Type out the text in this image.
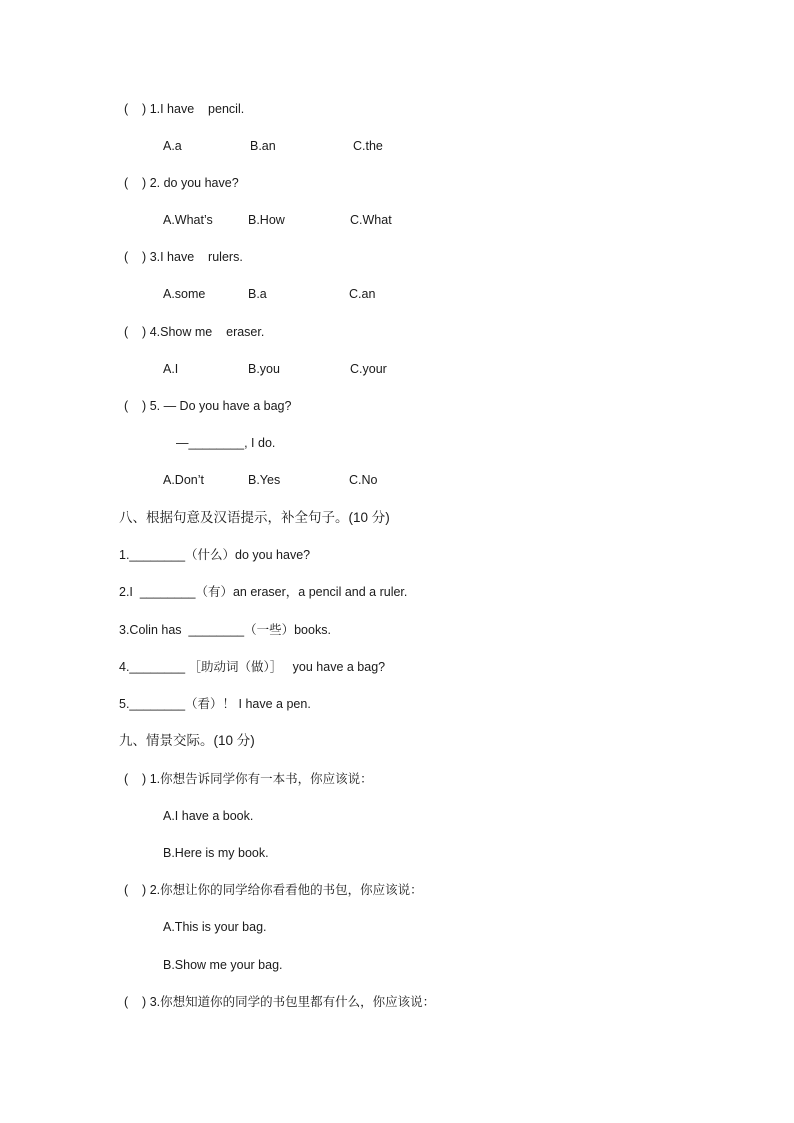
(    ) 1.I have    pencil.
A.a	B.an	C.the
(    ) 2. do you have?
A.What’s	B.How	C.What
(    ) 3.I have    rulers.
A.some	B.a	C.an
(    ) 4.Show me    eraser.
A.I	B.you	C.your
(    ) 5. — Do you have a bag?
—________, I do.
A.Don’t	B.Yes	C.No
八、根据句意及汉语提示，补全句子。(10 分)
1.________（什么）do you have?
2.I  ________（有）an eraser，a pencil and a ruler.
3.Colin has  ________（一些）books.
4.________ ［助动词（做）］   you have a bag?
5.________（看）！ I have a pen.
九、情景交际。(10 分)
(    ) 1.你想告诉同学你有一本书，你应该说：
A.I have a book.
B.Here is my book.
(    ) 2.你想让你的同学给你看看他的书包，你应该说：
A.This is your bag.
B.Show me your bag.
(    ) 3.你想知道你的同学的书包里都有什么，你应该说：
